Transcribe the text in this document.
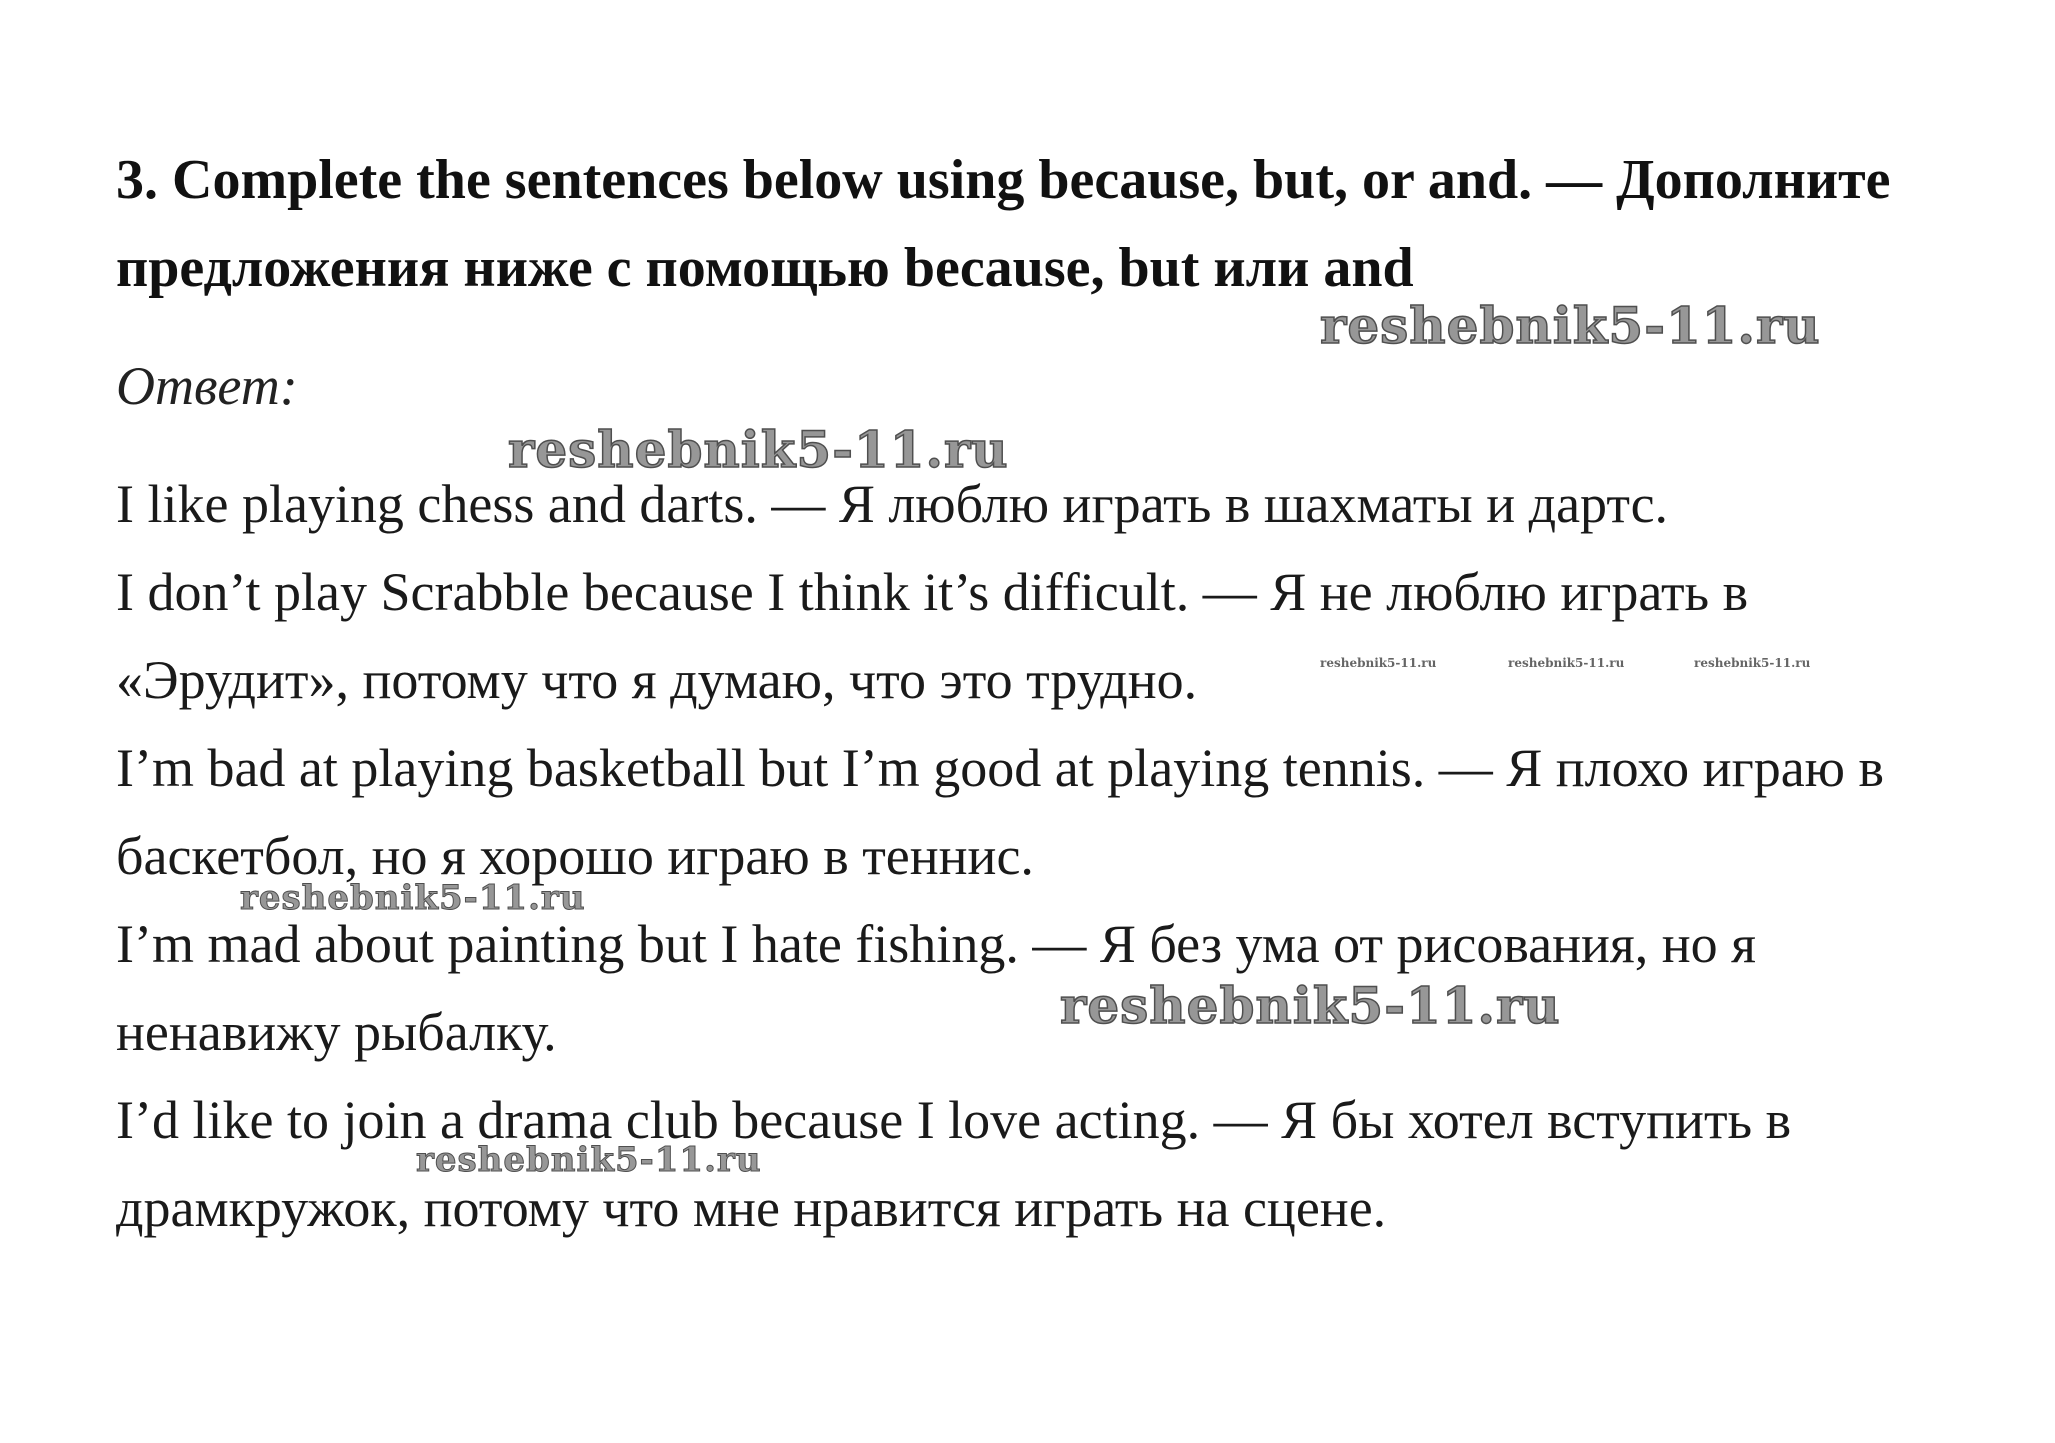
3. Complete the sentences below using because, but, or and. — Дополните предложения ниже с помощью because, but или and

Ответ:

I like playing chess and darts. — Я люблю играть в шахматы и дартс.
I don’t play Scrabble because I think it’s difficult. — Я не люблю играть в «Эрудит», потому что я думаю, что это трудно.
I’m bad at playing basketball but I’m good at playing tennis. — Я плохо играю в баскетбол, но я хорошо играю в теннис.
I’m mad about painting but I hate fishing. — Я без ума от рисования, но я ненавижу рыбалку.
I’d like to join a drama club because I love acting. — Я бы хотел вступить в драмкружок, потому что мне нравится играть на сцене.
reshebnik5-11.ru
reshebnik5-11.ru
reshebnik5-11.ru	reshebnik5-11.ru	reshebnik5-11.ru
reshebnik5-11.ru
reshebnik5-11.ru
reshebnik5-11.ru
